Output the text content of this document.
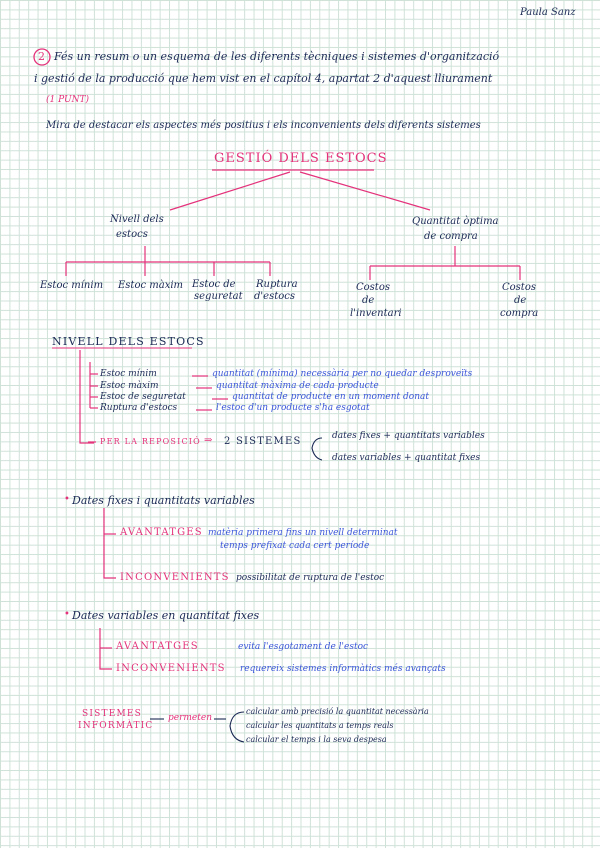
Paula Sanz
2 Fés un resum o un esquema de les diferents tècniques i sistemes d'organització
i gestió de la producció que hem vist en el capítol 4, apartat 2 d'aquest lliurament
(1 PUNT)
Mira de destacar els aspectes més positius i els inconvenients dels diferents sistemes
GESTIÓ DELS ESTOCS
Nivell dels
estocs
Quantitat òptima
de compra
Estoc mínim Estoc màxim Estoc de
seguretat
Ruptura
d'estocs
Costos
de
l'inventari
Costos
de
compra
NIVELL DELS ESTOCS
Estoc mínim	quantitat (mínima) necessària per no quedar desproveïts
Estoc màxim	quantitat màxima de cada producte
Estoc de seguretat	quantitat de producte en un moment donat
Ruptura d'estocs	l'estoc d'un producte s'ha esgotat
PER LA REPOSICIÓ ⇒ 2 SISTEMES	dates fixes + quantitats variables
dates variables + quantitat fixes
• Dates fixes i quantitats variables
AVANTATGES matèria primera fins un nivell determinat
temps prefixat cada cert període
INCONVENIENTS possibilitat de ruptura de l'estoc
• Dates variables en quantitat fixes
AVANTATGES	evita l'esgotament de l'estoc
INCONVENIENTS requereix sistemes informàtics més avançats
SISTEMES
INFORMÀTIC
permeten
calcular amb precisió la quantitat necessària
calcular les quantitats a temps reals
calcular el temps i la seva despesa
